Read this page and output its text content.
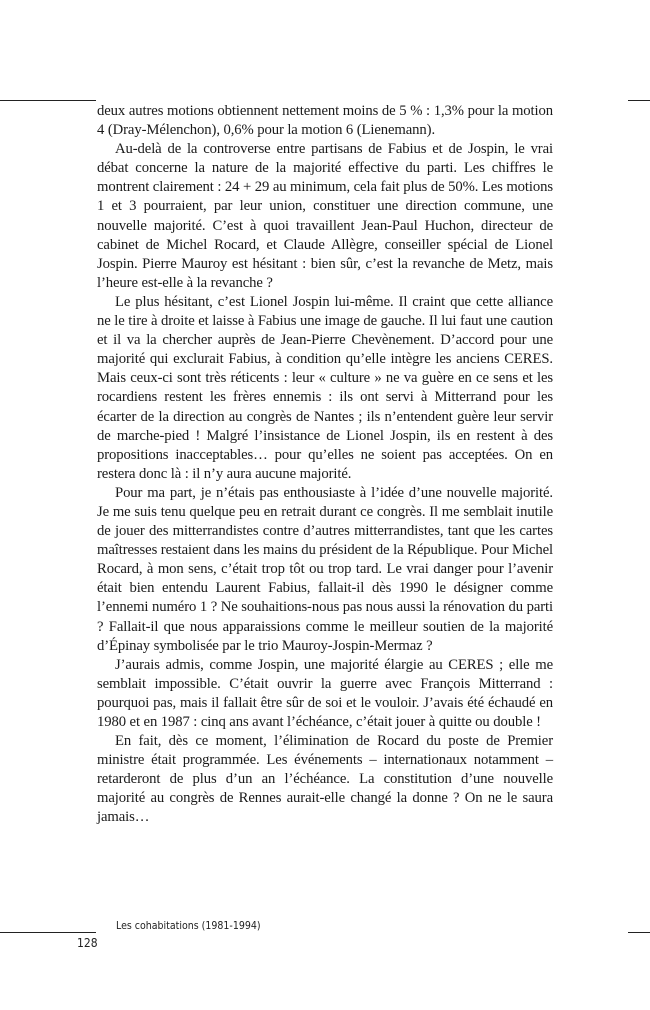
deux autres motions obtiennent nettement moins de 5 % : 1,3% pour la motion 4 (Dray-Mélenchon), 0,6% pour la motion 6 (Lienemann).

Au-delà de la controverse entre partisans de Fabius et de Jospin, le vrai débat concerne la nature de la majorité effective du parti. Les chiffres le montrent clairement : 24 + 29 au minimum, cela fait plus de 50%. Les motions 1 et 3 pourraient, par leur union, constituer une direction commune, une nouvelle majorité. C’est à quoi travaillent Jean-Paul Huchon, directeur de cabinet de Michel Rocard, et Claude Allègre, conseiller spécial de Lionel Jospin. Pierre Mauroy est hésitant : bien sûr, c’est la revanche de Metz, mais l’heure est-elle à la revanche ?

Le plus hésitant, c’est Lionel Jospin lui-même. Il craint que cette alliance ne le tire à droite et laisse à Fabius une image de gauche. Il lui faut une caution et il va la chercher auprès de Jean-Pierre Chevènement. D’accord pour une majorité qui exclurait Fabius, à condition qu’elle intègre les anciens CERES. Mais ceux-ci sont très réticents : leur « culture » ne va guère en ce sens et les rocardiens restent les frères ennemis : ils ont servi à Mitterrand pour les écarter de la direction au congrès de Nantes ; ils n’entendent guère leur servir de marche-pied ! Malgré l’insistance de Lionel Jospin, ils en restent à des propositions inacceptables… pour qu’elles ne soient pas acceptées. On en restera donc là : il n’y aura aucune majorité.

Pour ma part, je n’étais pas enthousiaste à l’idée d’une nouvelle majorité. Je me suis tenu quelque peu en retrait durant ce congrès. Il me semblait inutile de jouer des mitterrandistes contre d’autres mitterrandistes, tant que les cartes maîtresses restaient dans les mains du président de la République. Pour Michel Rocard, à mon sens, c’était trop tôt ou trop tard. Le vrai danger pour l’avenir était bien entendu Laurent Fabius, fallait-il dès 1990 le désigner comme l’ennemi numéro 1 ? Ne souhaitions-nous pas nous aussi la rénovation du parti ? Fallait-il que nous apparaissions comme le meilleur soutien de la majorité d’Épinay symbolisée par le trio Mauroy-Jospin-Mermaz ?

J’aurais admis, comme Jospin, une majorité élargie au CERES ; elle me semblait impossible. C’était ouvrir la guerre avec François Mitterrand : pourquoi pas, mais il fallait être sûr de soi et le vouloir. J’avais été échaudé en 1980 et en 1987 : cinq ans avant l’échéance, c’était jouer à quitte ou double !

En fait, dès ce moment, l’élimination de Rocard du poste de Premier ministre était programmée. Les événements – internationaux notamment – retarderont de plus d’un an l’échéance. La constitution d’une nouvelle majorité au congrès de Rennes aurait-elle changé la donne ? On ne le saura jamais…

Les cohabitations (1981-1994)
128
